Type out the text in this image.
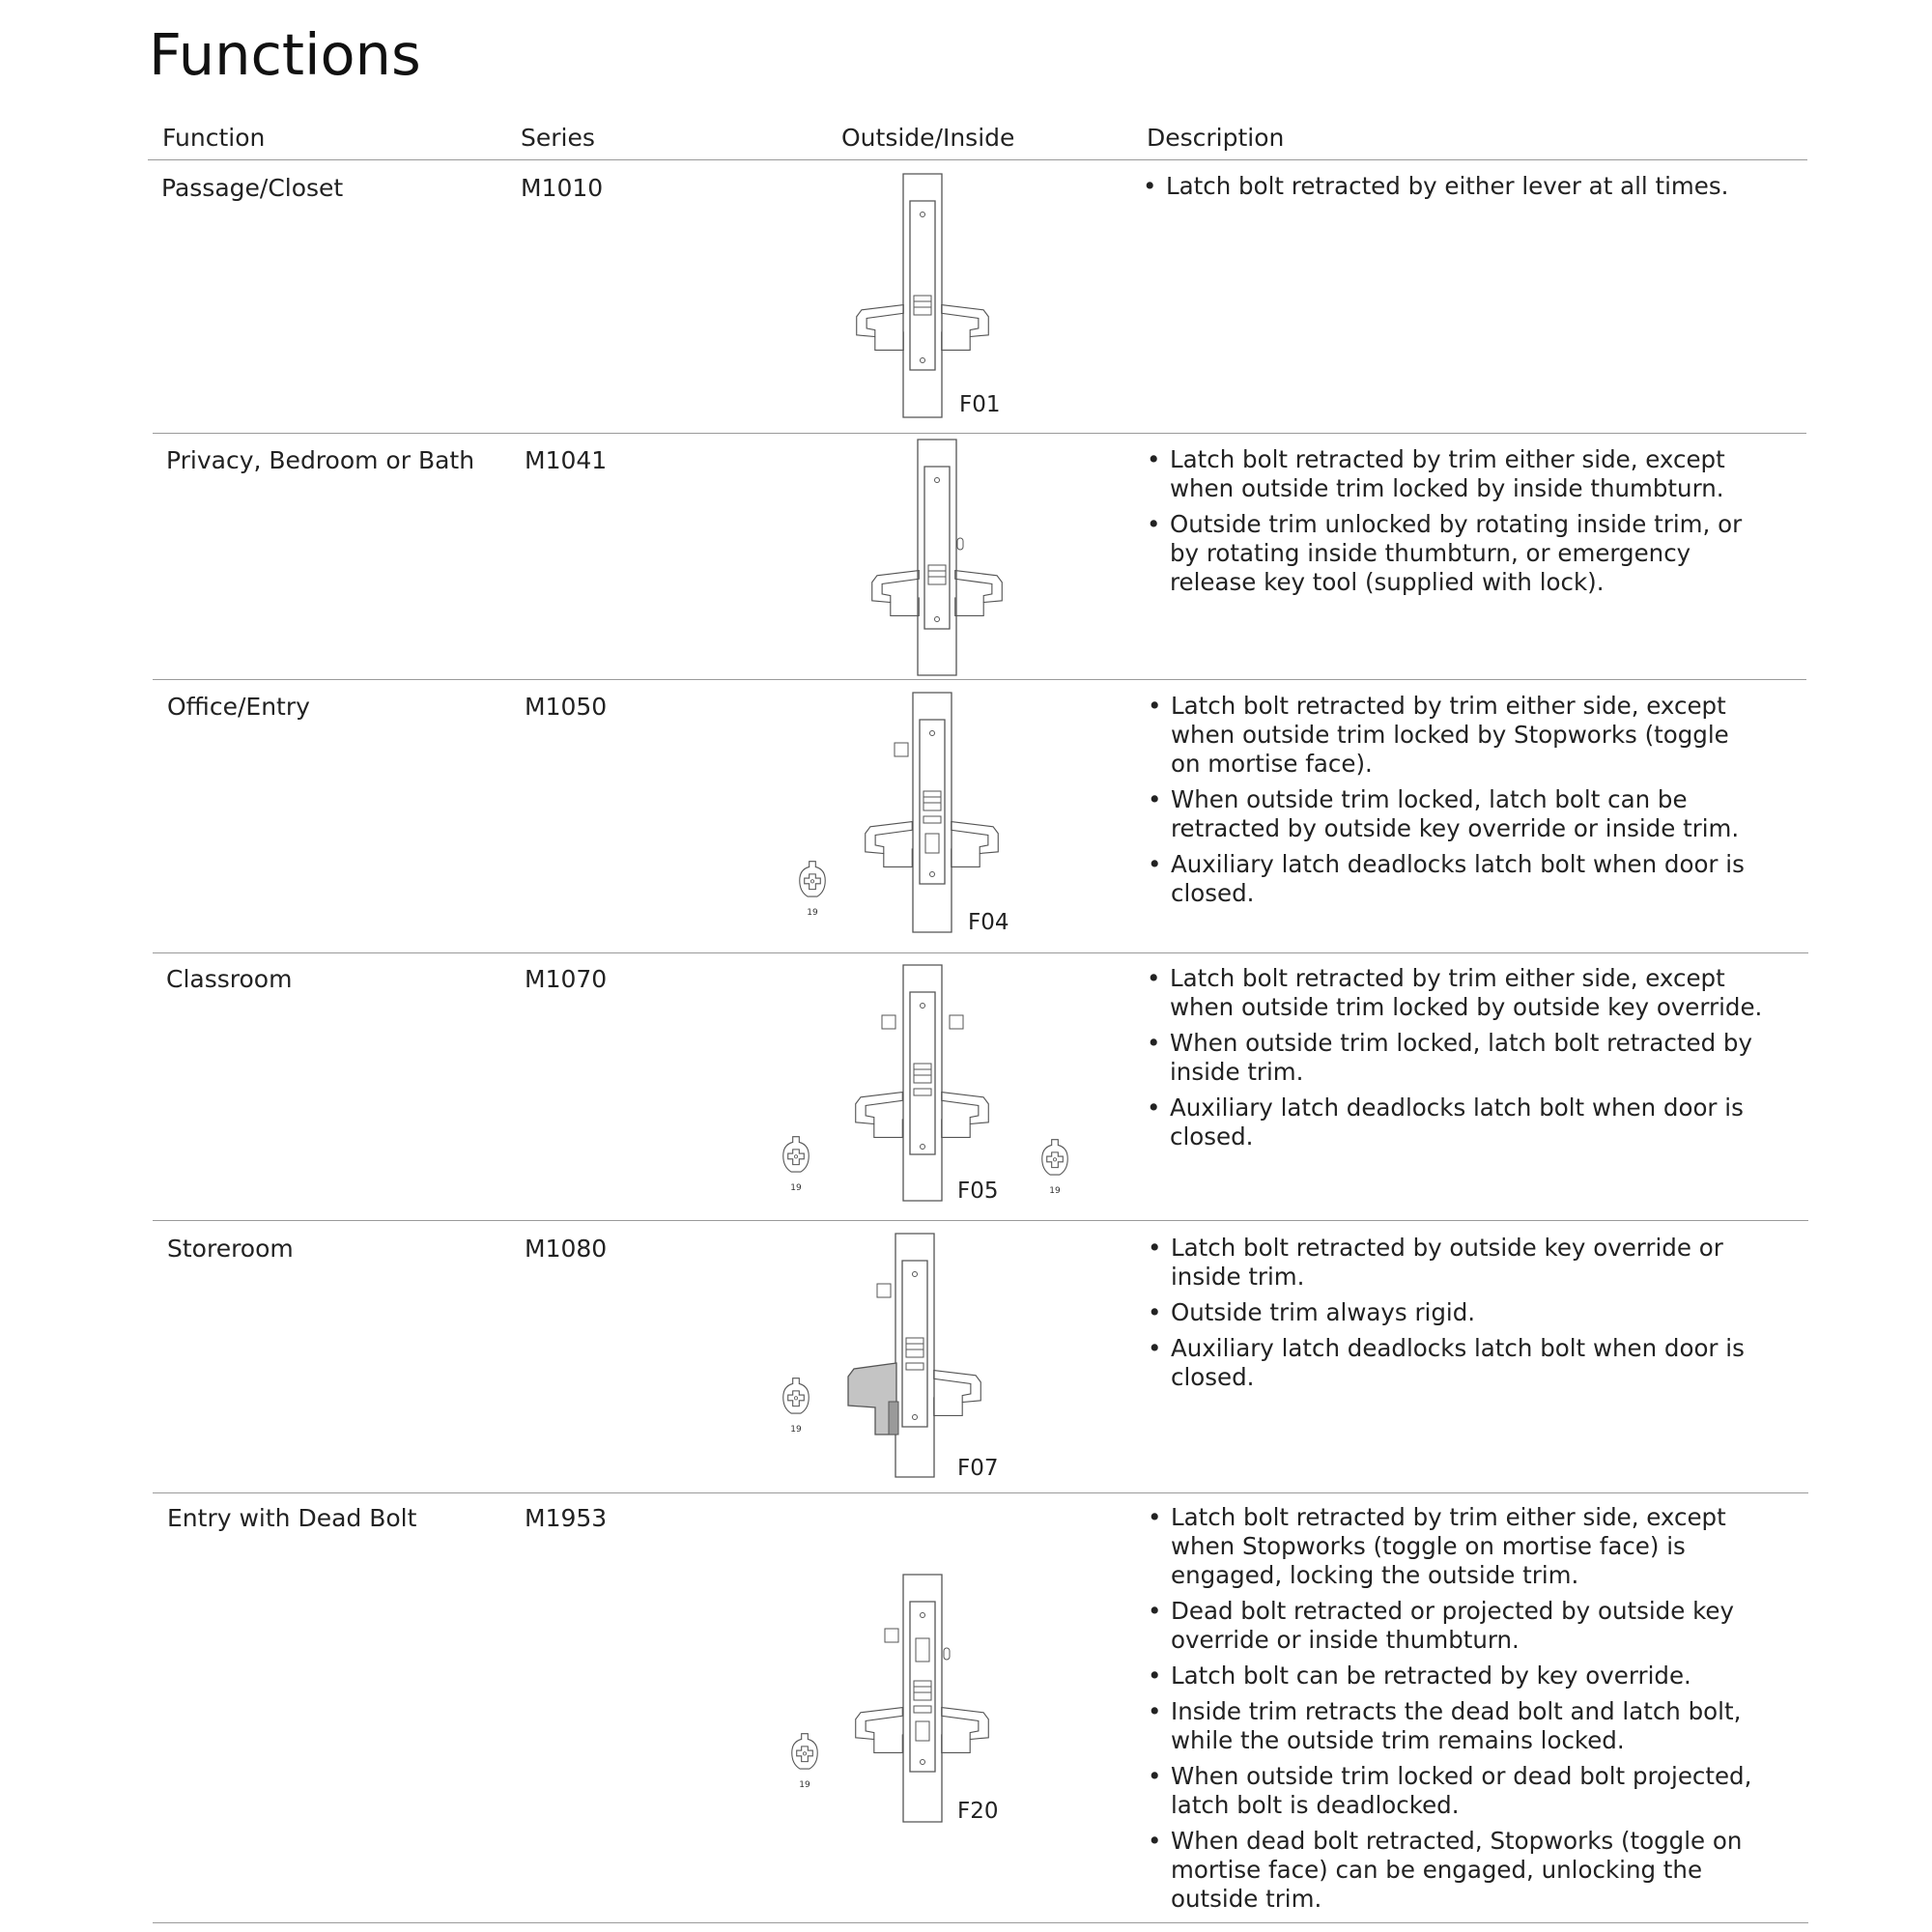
Functions
Function	Series	Outside/Inside	Description
Passage/Closet	M1010
F01
• Latch bolt retracted by either lever at all times.
Privacy, Bedroom or Bath M1041
•	Latch bolt retracted by trim either side, except when outside trim locked by inside thumbturn.
• Outside trim unlocked by rotating inside trim, or by rotating inside thumbturn, or emergency release key tool (supplied with lock).
Office/Entry	M1050
19	F04
• Latch bolt retracted by trim either side, except when outside trim locked by Stopworks (toggle on mortise face).
• When outside trim locked, latch bolt can be retracted by outside key override or inside trim.
• Auxiliary latch deadlocks latch bolt when door is closed.
Classroom	M1070
19	19
F05
• Latch bolt retracted by trim either side, except when outside trim locked by outside key override.
• When outside trim locked, latch bolt retracted by inside trim.
• Auxiliary latch deadlocks latch bolt when door is closed.
Storeroom	M1080
19
F07
• Latch bolt retracted by outside key override or inside trim.
• Outside trim always rigid.
• Auxiliary latch deadlocks latch bolt when door is closed.
Entry with Dead Bolt	M1953
19
F20
• Latch bolt retracted by trim either side, except when Stopworks (toggle on mortise face) is engaged, locking the outside trim.
• Dead bolt retracted or projected by outside key override or inside thumbturn.
• Latch bolt can be retracted by key override.
• Inside trim retracts the dead bolt and latch bolt, while the outside trim remains locked.
• When outside trim locked or dead bolt projected, latch bolt is deadlocked.
• When dead bolt retracted, Stopworks (toggle on mortise face) can be engaged, unlocking the outside trim.
